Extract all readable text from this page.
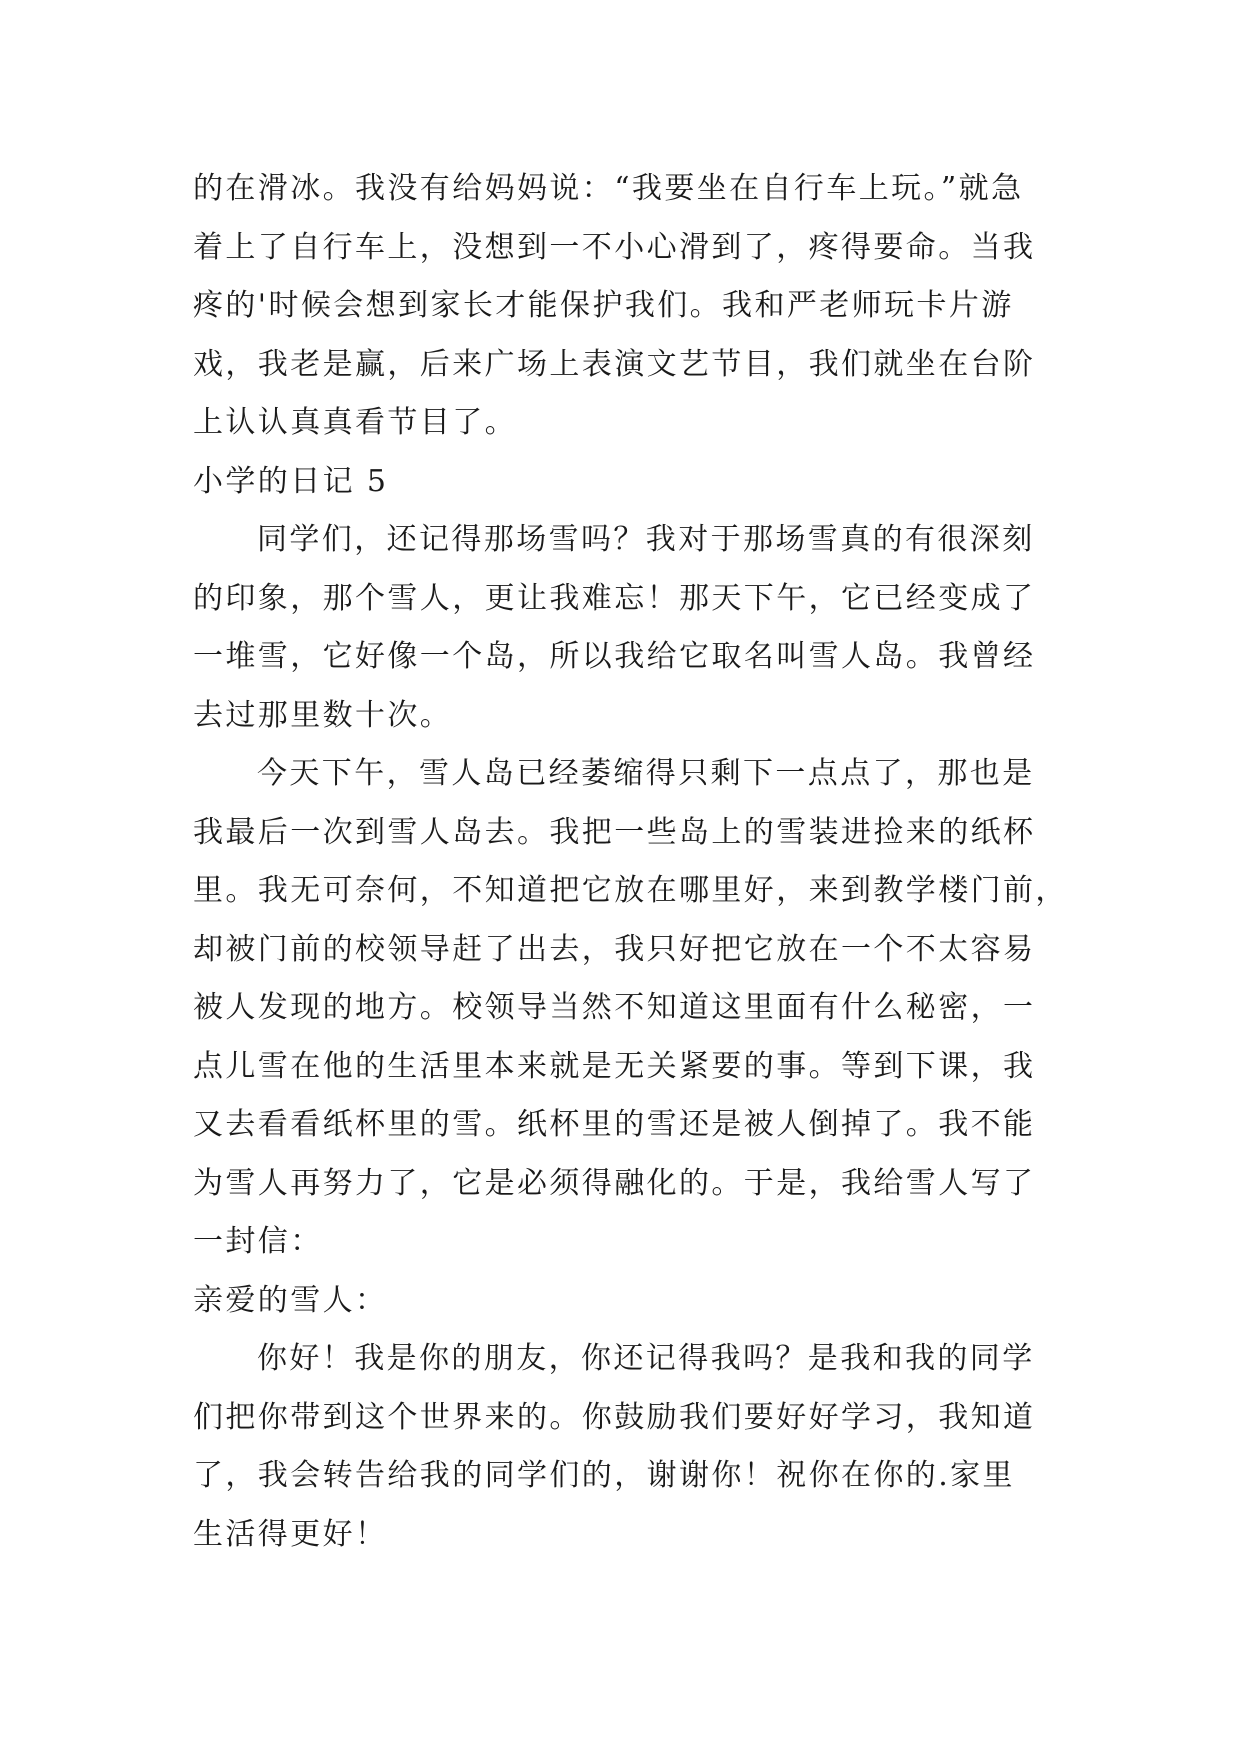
的在滑冰。我没有给妈妈说：“我要坐在自行车上玩。”就急
着上了自行车上，没想到一不小心滑到了，疼得要命。当我
疼的'时候会想到家长才能保护我们。我和严老师玩卡片游
戏，我老是赢，后来广场上表演文艺节目，我们就坐在台阶
上认认真真看节目了。
小学的日记 5
同学们，还记得那场雪吗？我对于那场雪真的有很深刻
的印象，那个雪人，更让我难忘！那天下午，它已经变成了
一堆雪，它好像一个岛，所以我给它取名叫雪人岛。我曾经
去过那里数十次。
今天下午，雪人岛已经萎缩得只剩下一点点了，那也是
我最后一次到雪人岛去。我把一些岛上的雪装进捡来的纸杯
里。我无可奈何，不知道把它放在哪里好，来到教学楼门前，
却被门前的校领导赶了出去，我只好把它放在一个不太容易
被人发现的地方。校领导当然不知道这里面有什么秘密，一
点儿雪在他的生活里本来就是无关紧要的事。等到下课，我
又去看看纸杯里的雪。纸杯里的雪还是被人倒掉了。我不能
为雪人再努力了，它是必须得融化的。于是，我给雪人写了
一封信：
亲爱的雪人：
你好！我是你的朋友，你还记得我吗？是我和我的同学
们把你带到这个世界来的。你鼓励我们要好好学习，我知道
了，我会转告给我的同学们的，谢谢你！祝你在你的.家里
生活得更好！
